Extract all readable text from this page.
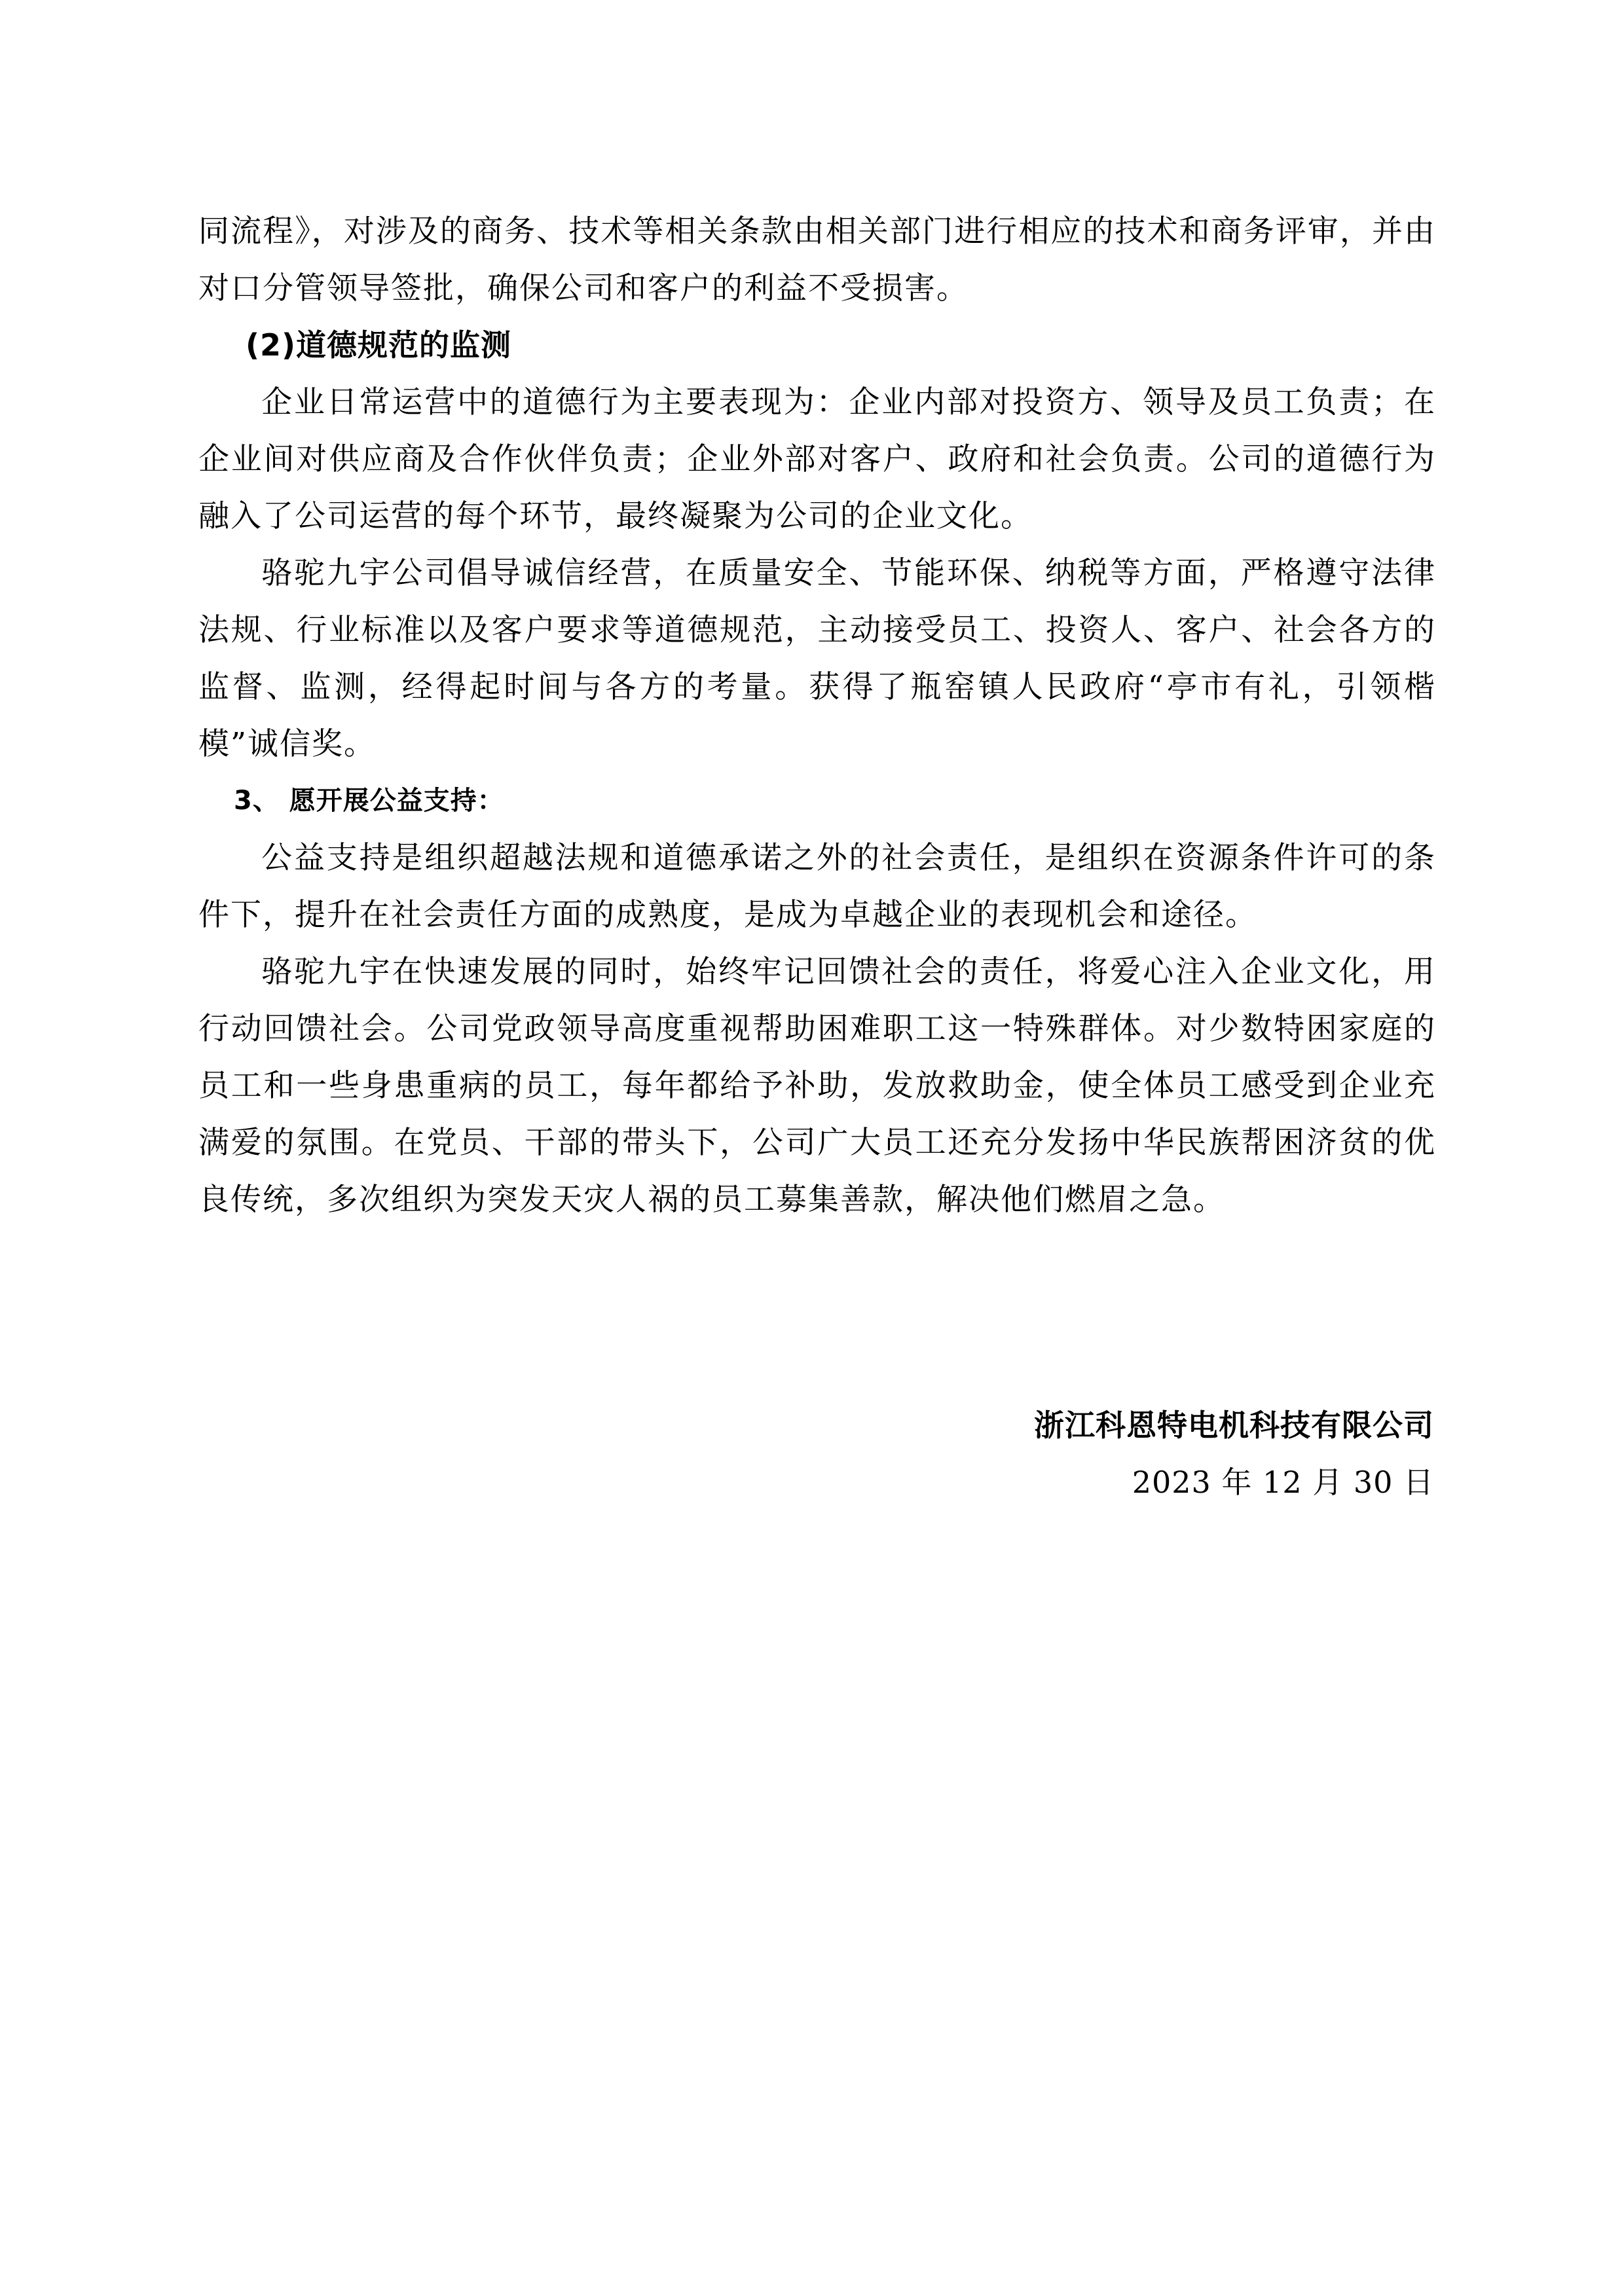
同流程》，对涉及的商务、技术等相关条款由相关部门进行相应的技术和商务评审，并由对口分管领导签批，确保公司和客户的利益不受损害。

(2)道德规范的监测

企业日常运营中的道德行为主要表现为：企业内部对投资方、领导及员工负责；在企业间对供应商及合作伙伴负责；企业外部对客户、政府和社会负责。公司的道德行为融入了公司运营的每个环节，最终凝聚为公司的企业文化。

骆驼九宇公司倡导诚信经营，在质量安全、节能环保、纳税等方面，严格遵守法律法规、行业标准以及客户要求等道德规范，主动接受员工、投资人、客户、社会各方的监督、监测，经得起时间与各方的考量。获得了瓶窑镇人民政府“亭市有礼，引领楷模”诚信奖。

3、 愿开展公益支持：

公益支持是组织超越法规和道德承诺之外的社会责任，是组织在资源条件许可的条件下，提升在社会责任方面的成熟度，是成为卓越企业的表现机会和途径。

骆驼九宇在快速发展的同时，始终牢记回馈社会的责任，将爱心注入企业文化，用行动回馈社会。公司党政领导高度重视帮助困难职工这一特殊群体。对少数特困家庭的员工和一些身患重病的员工，每年都给予补助，发放救助金，使全体员工感受到企业充满爱的氛围。在党员、干部的带头下，公司广大员工还充分发扬中华民族帮困济贫的优良传统，多次组织为突发天灾人祸的员工募集善款，解决他们燃眉之急。

浙江科恩特电机科技有限公司

2023 年 12 月 30 日
